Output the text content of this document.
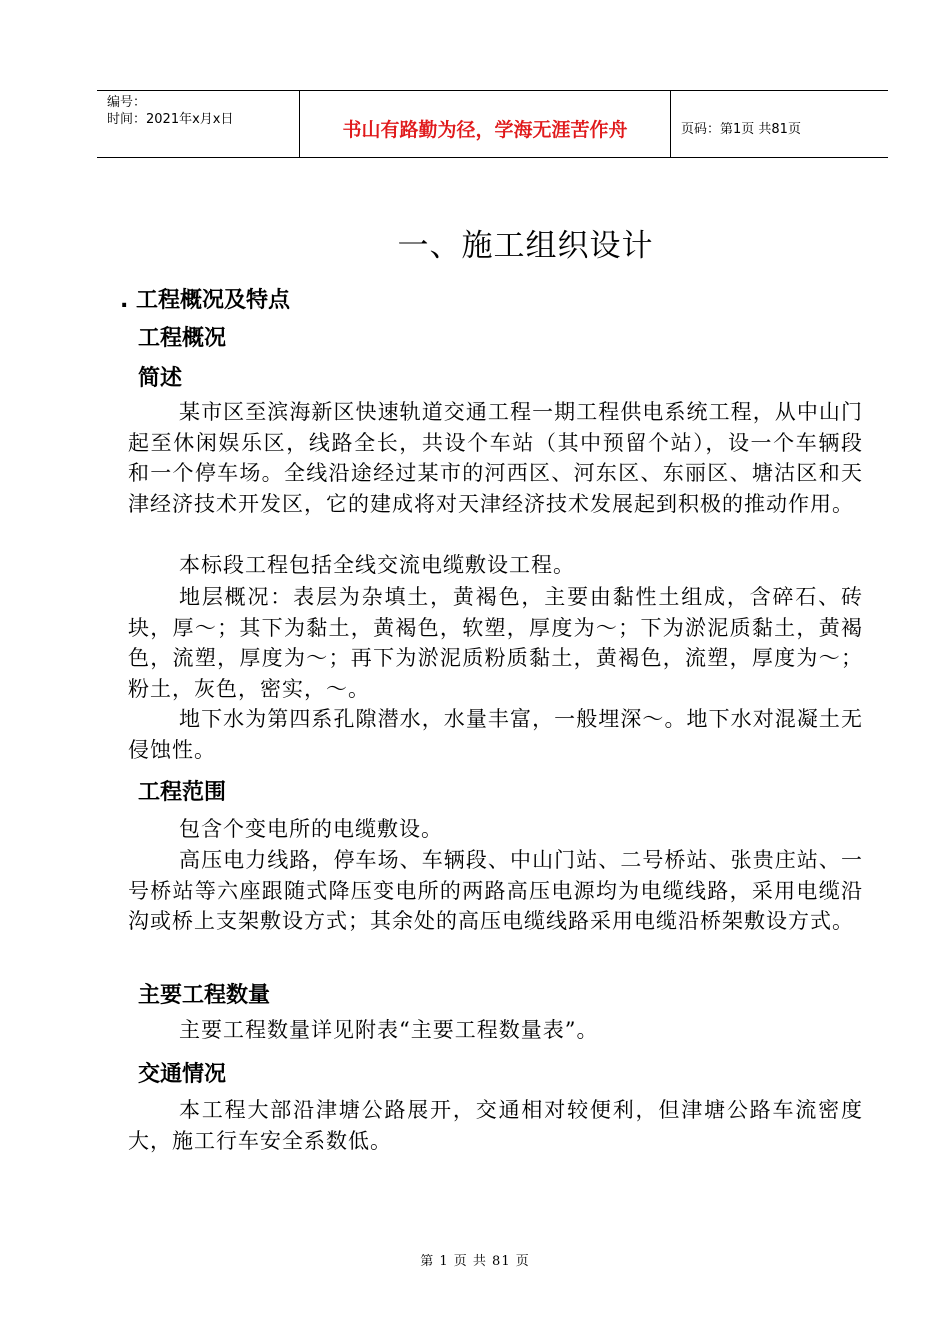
编号：
时间：2021年x月x日	书山有路勤为径，学海无涯苦作舟	页码：第1页 共81页
一、施工组织设计
. 工程概况及特点
工程概况
简述

某市区至滨海新区快速轨道交通工程一期工程供电系统工程，从中山门起至休闲娱乐区，线路全长，共设个车站（其中预留个站），设一个车辆段和一个停车场。全线沿途经过某市的河西区、河东区、东丽区、塘沽区和天津经济技术开发区，它的建成将对天津经济技术发展起到积极的推动作用。

本标段工程包括全线交流电缆敷设工程。

地层概况：表层为杂填土，黄褐色，主要由黏性土组成，含碎石、砖块，厚～；其下为黏土，黄褐色，软塑，厚度为～；下为淤泥质黏土，黄褐色，流塑，厚度为～；再下为淤泥质粉质黏土，黄褐色，流塑，厚度为～；粉土，灰色，密实，～。

地下水为第四系孔隙潜水，水量丰富，一般埋深～。地下水对混凝土无侵蚀性。

工程范围

包含个变电所的电缆敷设。

高压电力线路，停车场、车辆段、中山门站、二号桥站、张贵庄站、一号桥站等六座跟随式降压变电所的两路高压电源均为电缆线路，采用电缆沿沟或桥上支架敷设方式；其余处的高压电缆线路采用电缆沿桥架敷设方式。

主要工程数量

主要工程数量详见附表“主要工程数量表”。

交通情况

本工程大部沿津塘公路展开，交通相对较便利，但津塘公路车流密度大，施工行车安全系数低。

第 1 页 共 81 页
